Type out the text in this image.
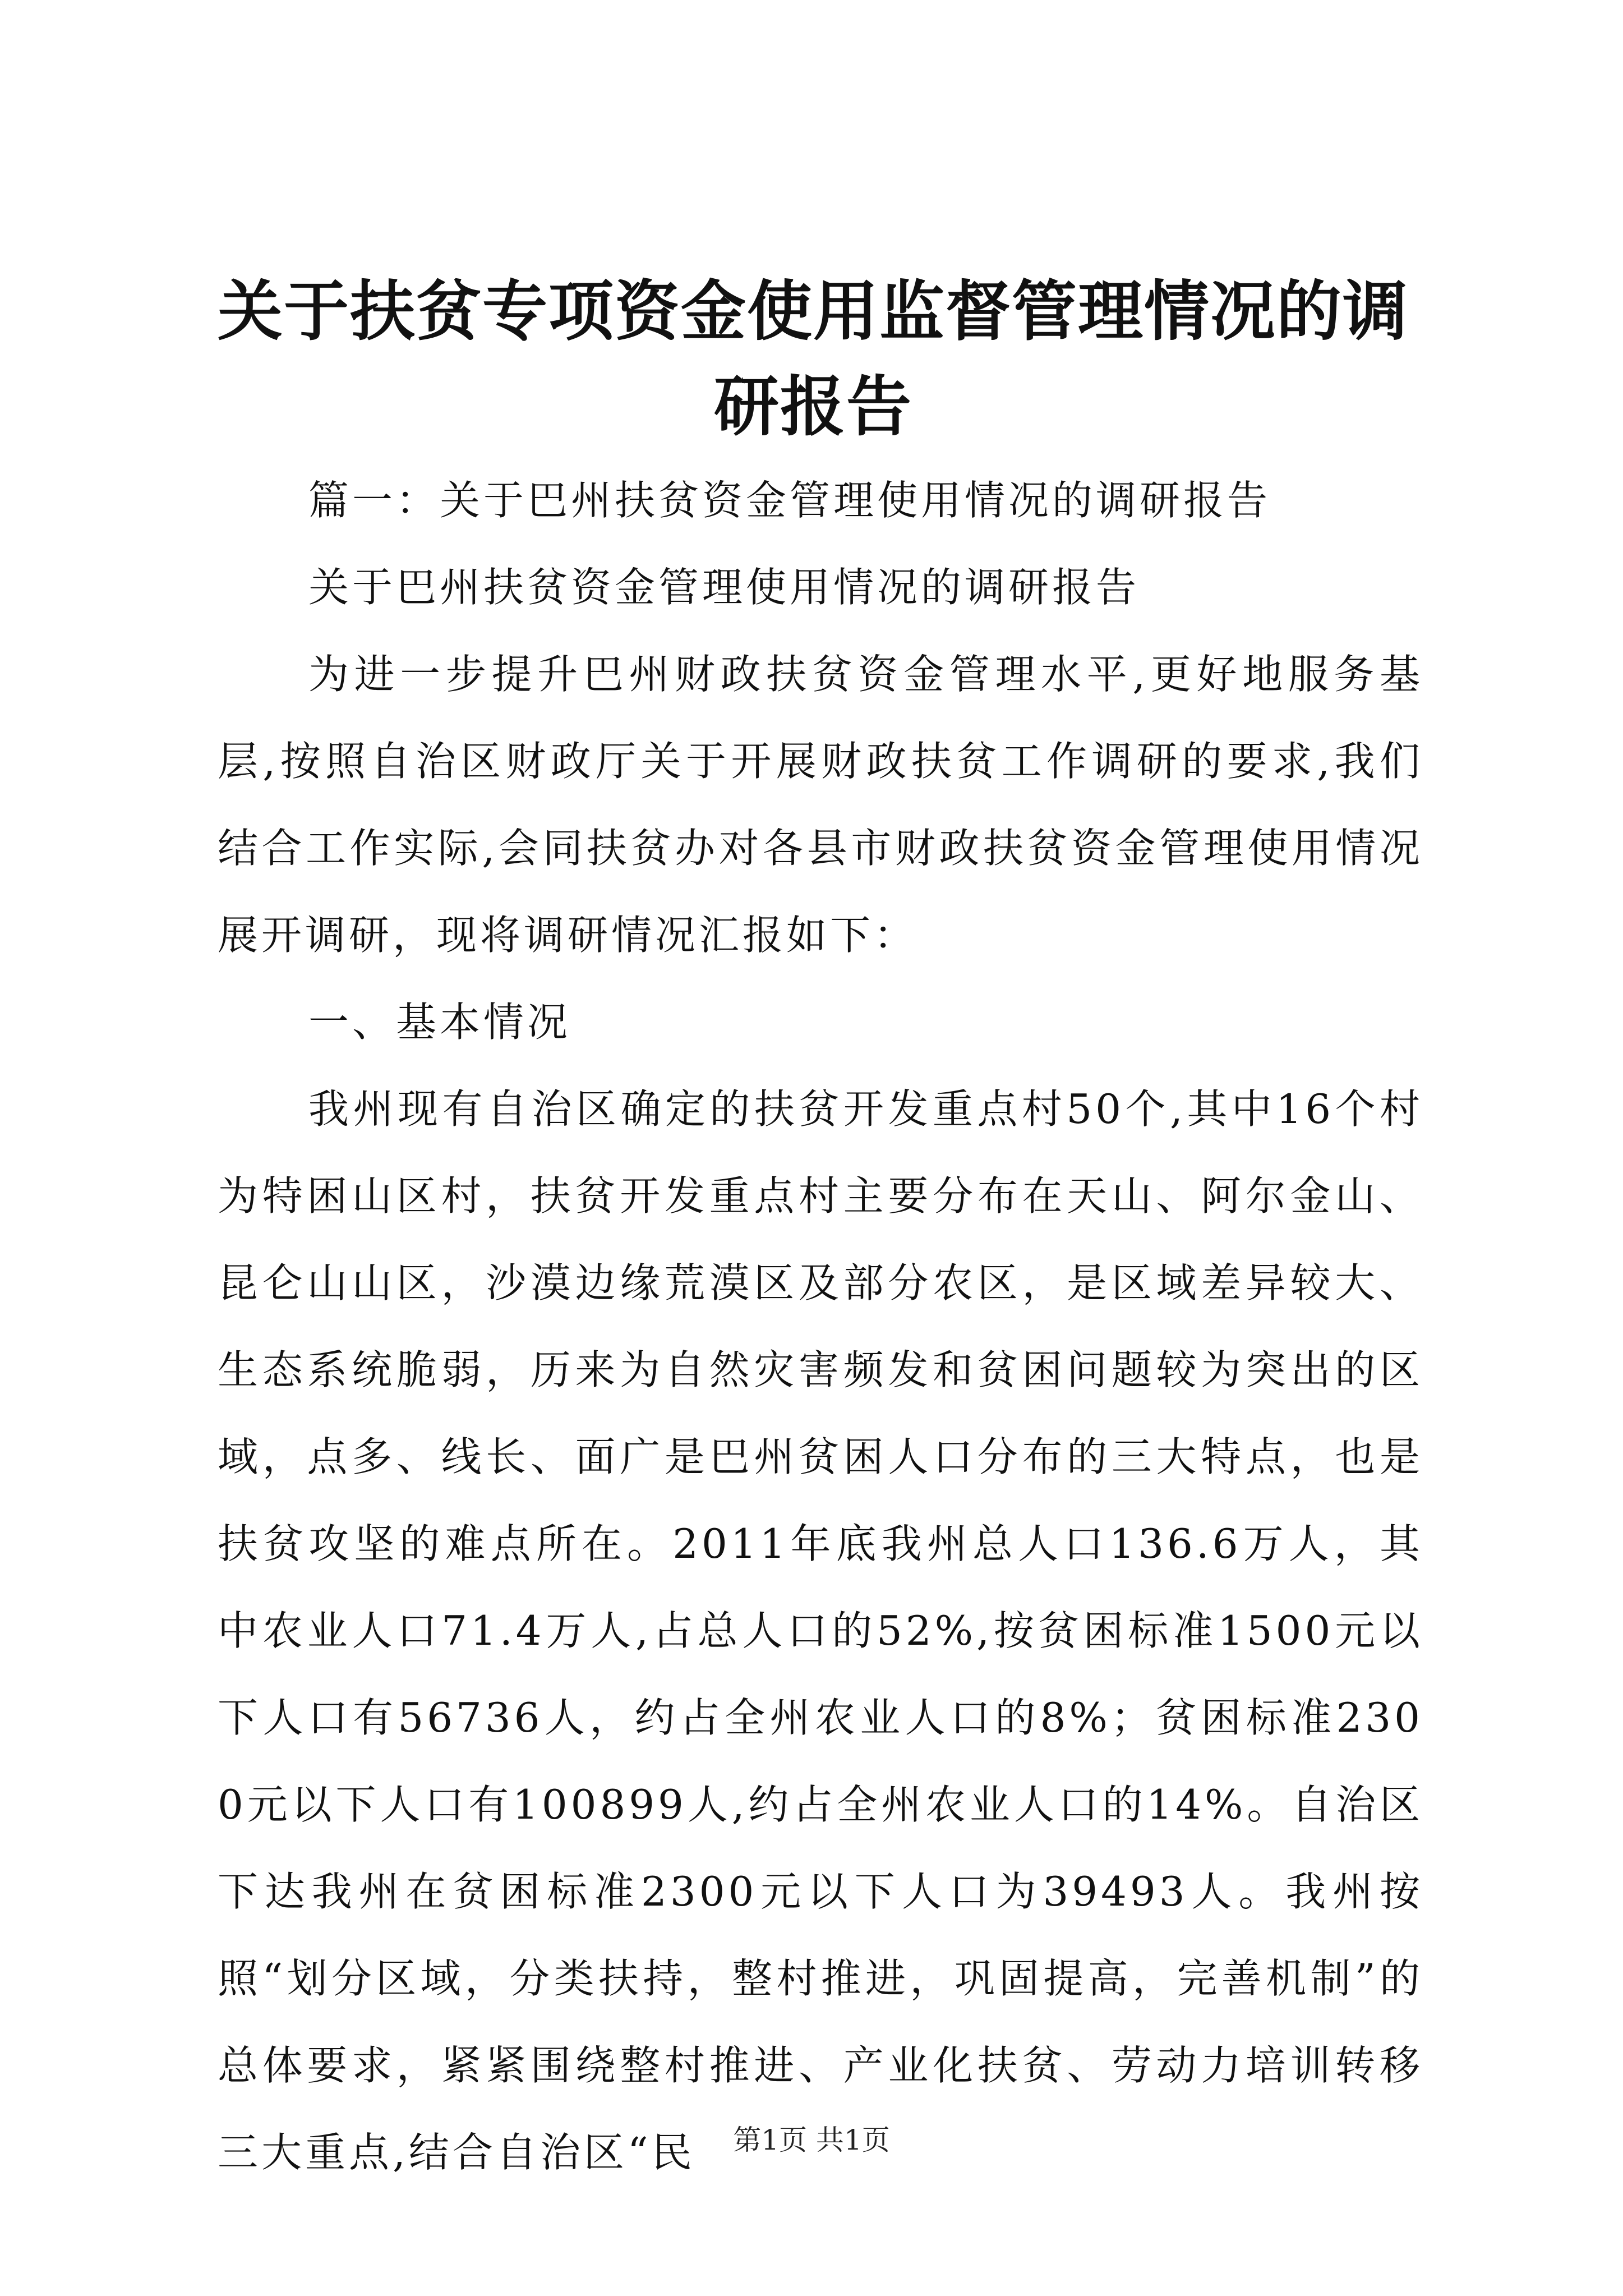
关于扶贫专项资金使用监督管理情况的调研报告

篇一：关于巴州扶贫资金管理使用情况的调研报告

关于巴州扶贫资金管理使用情况的调研报告

为进一步提升巴州财政扶贫资金管理水平,更好地服务基层,按照自治区财政厅关于开展财政扶贫工作调研的要求,我们结合工作实际,会同扶贫办对各县市财政扶贫资金管理使用情况展开调研，现将调研情况汇报如下：

一、基本情况

我州现有自治区确定的扶贫开发重点村50个,其中16个村为特困山区村，扶贫开发重点村主要分布在天山、阿尔金山、昆仑山山区，沙漠边缘荒漠区及部分农区，是区域差异较大、生态系统脆弱，历来为自然灾害频发和贫困问题较为突出的区域，点多、线长、面广是巴州贫困人口分布的三大特点，也是扶贫攻坚的难点所在。2011年底我州总人口136.6万人，其中农业人口71.4万人,占总人口的52%,按贫困标准1500元以下人口有56736人，约占全州农业人口的8%；贫困标准2300元以下人口有100899人,约占全州农业人口的14%。自治区下达我州在贫困标准2300元以下人口为39493人。我州按照“划分区域，分类扶持，整村推进，巩固提高，完善机制”的总体要求，紧紧围绕整村推进、产业化扶贫、劳动力培训转移三大重点,结合自治区“民	第1页 共1页
